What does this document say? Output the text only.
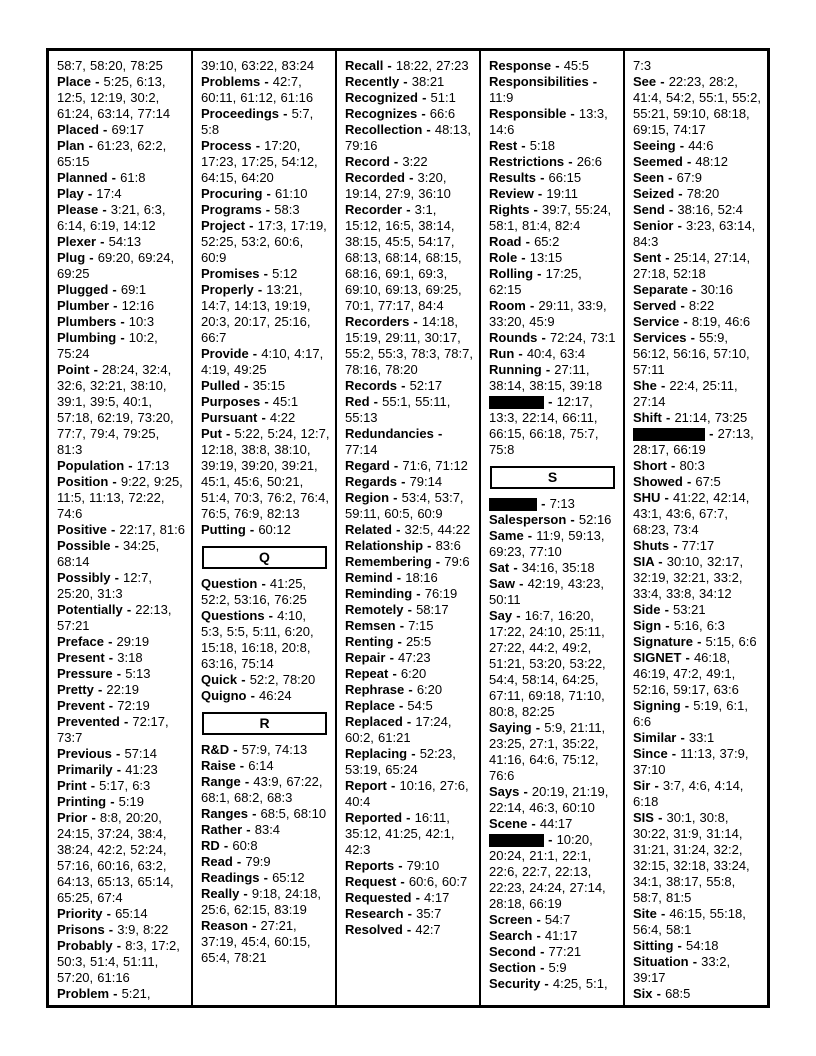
58:7, 58:20, 78:25
Place - 5:25, 6:13, 12:5, 12:19, 30:2, 61:24, 63:14, 77:14
Placed - 69:17
Plan - 61:23, 62:2, 65:15
Planned - 61:8
Play - 17:4
Please - 3:21, 6:3, 6:14, 6:19, 14:12
Plexer - 54:13
Plug - 69:20, 69:24, 69:25
Plugged - 69:1
Plumber - 12:16
Plumbers - 10:3
Plumbing - 10:2, 75:24
Point - 28:24, 32:4, 32:6, 32:21, 38:10, 39:1, 39:5, 40:1, 57:18, 62:19, 73:20, 77:7, 79:4, 79:25, 81:3
Population - 17:13
Position - 9:22, 9:25, 11:5, 11:13, 72:22, 74:6
Positive - 22:17, 81:6
Possible - 34:25, 68:14
Possibly - 12:7, 25:20, 31:3
Potentially - 22:13, 57:21
Preface - 29:19
Present - 3:18
Pressure - 5:13
Pretty - 22:19
Prevent - 72:19
Prevented - 72:17, 73:7
Previous - 57:14
Primarily - 41:23
Print - 5:17, 6:3
Printing - 5:19
Prior - 8:8, 20:20, 24:15, 37:24, 38:4, 38:24, 42:2, 52:24, 57:16, 60:16, 63:2, 64:13, 65:13, 65:14, 65:25, 67:4
Priority - 65:14
Prisons - 3:9, 8:22
Probably - 8:3, 17:2, 50:3, 51:4, 51:11, 57:20, 61:16
Problem - 5:21,
39:10, 63:22, 83:24
Problems - 42:7, 60:11, 61:12, 61:16
Proceedings - 5:7, 5:8
Process - 17:20, 17:23, 17:25, 54:12, 64:15, 64:20
Procuring - 61:10
Programs - 58:3
Project - 17:3, 17:19, 52:25, 53:2, 60:6, 60:9
Promises - 5:12
Properly - 13:21, 14:7, 14:13, 19:19, 20:3, 20:17, 25:16, 66:7
Provide - 4:10, 4:17, 4:19, 49:25
Pulled - 35:15
Purposes - 45:1
Pursuant - 4:22
Put - 5:22, 5:24, 12:7, 12:18, 38:8, 38:10, 39:19, 39:20, 39:21, 45:1, 45:6, 50:21, 51:4, 70:3, 76:2, 76:4, 76:5, 76:9, 82:13
Putting - 60:12
Q
Question - 41:25, 52:2, 53:16, 76:25
Questions - 4:10, 5:3, 5:5, 5:11, 6:20, 15:18, 16:18, 20:8, 63:16, 75:14
Quick - 52:2, 78:20
Quigno - 46:24
R
R&D - 57:9, 74:13
Raise - 6:14
Range - 43:9, 67:22, 68:1, 68:2, 68:3
Ranges - 68:5, 68:10
Rather - 83:4
RD - 60:8
Read - 79:9
Readings - 65:12
Really - 9:18, 24:18, 25:6, 62:15, 83:19
Reason - 27:21, 37:19, 45:4, 60:15, 65:4, 78:21
Recall - 18:22, 27:23
Recently - 38:21
Recognized - 51:1
Recognizes - 66:6
Recollection - 48:13, 79:16
Record - 3:22
Recorded - 3:20, 19:14, 27:9, 36:10
Recorder - 3:1, 15:12, 16:5, 38:14, 38:15, 45:5, 54:17, 68:13, 68:14, 68:15, 68:16, 69:1, 69:3, 69:10, 69:13, 69:25, 70:1, 77:17, 84:4
Recorders - 14:18, 15:19, 29:11, 30:17, 55:2, 55:3, 78:3, 78:7, 78:16, 78:20
Records - 52:17
Red - 55:1, 55:11, 55:13
Redundancies - 77:14
Regard - 71:6, 71:12
Regards - 79:14
Region - 53:4, 53:7, 59:11, 60:5, 60:9
Related - 32:5, 44:22
Relationship - 83:6
Remembering - 79:6
Remind - 18:16
Reminding - 76:19
Remotely - 58:17
Remsen - 7:15
Renting - 25:5
Repair - 47:23
Repeat - 6:20
Rephrase - 6:20
Replace - 54:5
Replaced - 17:24, 60:2, 61:21
Replacing - 52:23, 53:19, 65:24
Report - 10:16, 27:6, 40:4
Reported - 16:11, 35:12, 41:25, 42:1, 42:3
Reports - 79:10
Request - 60:6, 60:7
Requested - 4:17
Research - 35:7
Resolved - 42:7
Response - 45:5
Responsibilities - 11:9
Responsible - 13:3, 14:6
Rest - 5:18
Restrictions - 26:6
Results - 66:15
Review - 19:11
Rights - 39:7, 55:24, 58:1, 81:4, 82:4
Road - 65:2
Role - 13:15
Rolling - 17:25, 62:15
Room - 29:11, 33:9, 33:20, 45:9
Rounds - 72:24, 73:1
Run - 40:4, 63:4
Running - 27:11, 38:14, 38:15, 39:18
- 12:17, 13:3, 22:14, 66:11, 66:15, 66:18, 75:7, 75:8
S
- 7:13
Salesperson - 52:16
Same - 11:9, 59:13, 69:23, 77:10
Sat - 34:16, 35:18
Saw - 42:19, 43:23, 50:11
Say - 16:7, 16:20, 17:22, 24:10, 25:11, 27:22, 44:2, 49:2, 51:21, 53:20, 53:22, 54:4, 58:14, 64:25, 67:11, 69:18, 71:10, 80:8, 82:25
Saying - 5:9, 21:11, 23:25, 27:1, 35:22, 41:16, 64:6, 75:12, 76:6
Says - 20:19, 21:19, 22:14, 46:3, 60:10
Scene - 44:17
- 10:20, 20:24, 21:1, 22:1, 22:6, 22:7, 22:13, 22:23, 24:24, 27:14, 28:18, 66:19
Screen - 54:7
Search - 41:17
Second - 77:21
Section - 5:9
Security - 4:25, 5:1,
7:3
See - 22:23, 28:2, 41:4, 54:2, 55:1, 55:2, 55:21, 59:10, 68:18, 69:15, 74:17
Seeing - 44:6
Seemed - 48:12
Seen - 67:9
Seized - 78:20
Send - 38:16, 52:4
Senior - 3:23, 63:14, 84:3
Sent - 25:14, 27:14, 27:18, 52:18
Separate - 30:16
Served - 8:22
Service - 8:19, 46:6
Services - 55:9, 56:12, 56:16, 57:10, 57:11
She - 22:4, 25:11, 27:14
Shift - 21:14, 73:25
- 27:13, 28:17, 66:19
Short - 80:3
Showed - 67:5
SHU - 41:22, 42:14, 43:1, 43:6, 67:7, 68:23, 73:4
Shuts - 77:17
SIA - 30:10, 32:17, 32:19, 32:21, 33:2, 33:4, 33:8, 34:12
Side - 53:21
Sign - 5:16, 6:3
Signature - 5:15, 6:6
SIGNET - 46:18, 46:19, 47:2, 49:1, 52:16, 59:17, 63:6
Signing - 5:19, 6:1, 6:6
Similar - 33:1
Since - 11:13, 37:9, 37:10
Sir - 3:7, 4:6, 4:14, 6:18
SIS - 30:1, 30:8, 30:22, 31:9, 31:14, 31:21, 31:24, 32:2, 32:15, 32:18, 33:24, 34:1, 38:17, 55:8, 58:7, 81:5
Site - 46:15, 55:18, 56:4, 58:1
Sitting - 54:18
Situation - 33:2, 39:17
Six - 68:5
